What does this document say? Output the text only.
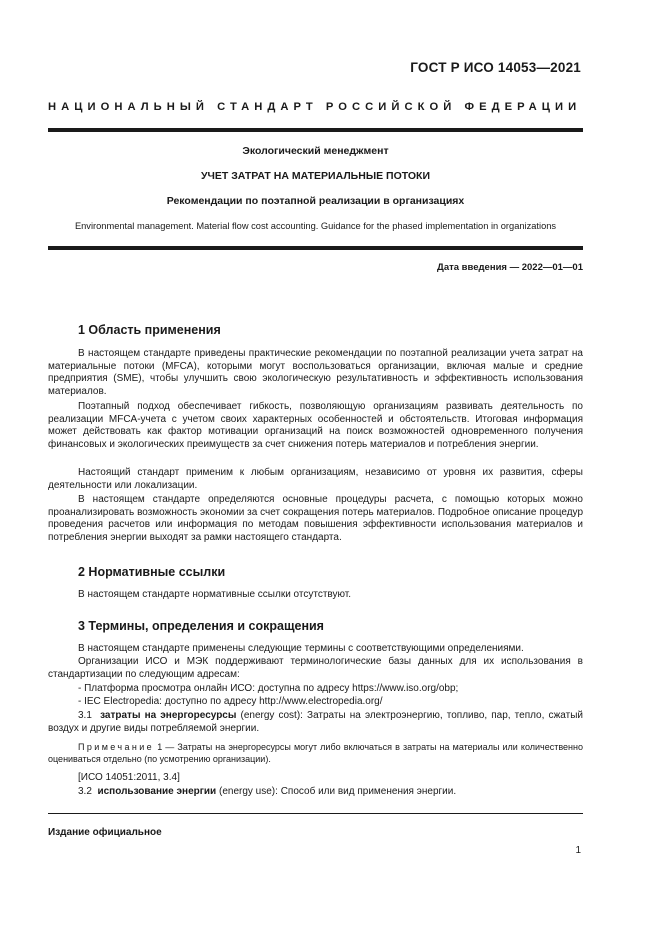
ГОСТ Р ИСО 14053—2021
НАЦИОНАЛЬНЫЙ СТАНДАРТ РОССИЙСКОЙ ФЕДЕРАЦИИ
Экологический менеджмент
УЧЕТ ЗАТРАТ НА МАТЕРИАЛЬНЫЕ ПОТОКИ
Рекомендации по поэтапной реализации в организациях
Environmental management. Material flow cost accounting. Guidance for the phased implementation in organizations
Дата введения — 2022—01—01
1 Область применения

В настоящем стандарте приведены практические рекомендации по поэтапной реализации учета затрат на материальные потоки (MFCA), которыми могут воспользоваться организации, включая малые и средние предприятия (SME), чтобы улучшить свою экологическую результативность и эффективность использования материалов.

Поэтапный подход обеспечивает гибкость, позволяющую организациям развивать деятельность по реализации MFCA-учета с учетом своих характерных особенностей и обстоятельств. Итоговая информация может действовать как фактор мотивации организаций на поиск возможностей одновременного получения финансовых и экологических преимуществ за счет снижения потерь материалов и потребления энергии.

Настоящий стандарт применим к любым организациям, независимо от уровня их развития, сферы деятельности или локализации.

В настоящем стандарте определяются основные процедуры расчета, с помощью которых можно проанализировать возможность экономии за счет сокращения потерь материалов. Подробное описание процедур проведения расчетов или информация по методам повышения эффективности использования материалов и потребления энергии выходят за рамки настоящего стандарта.

2 Нормативные ссылки

В настоящем стандарте нормативные ссылки отсутствуют.

3 Термины, определения и сокращения

В настоящем стандарте применены следующие термины с соответствующими определениями.

Организации ИСО и МЭК поддерживают терминологические базы данных для их использования в стандартизации по следующим адресам:

- Платформа просмотра онлайн ИСО: доступна по адресу https://www.iso.org/obp;
- IEC Electropedia: доступно по адресу http://www.electropedia.org/

3.1 затраты на энергоресурсы (energy cost): Затраты на электроэнергию, топливо, пар, тепло, сжатый воздух и другие виды потребляемой энергии.

Примечание 1 — Затраты на энергоресурсы могут либо включаться в затраты на материалы или количественно оцениваться отдельно (по усмотрению организации).
[ИСО 14051:2011, 3.4]

3.2 использование энергии (energy use): Способ или вид применения энергии.

Издание официальное
1
